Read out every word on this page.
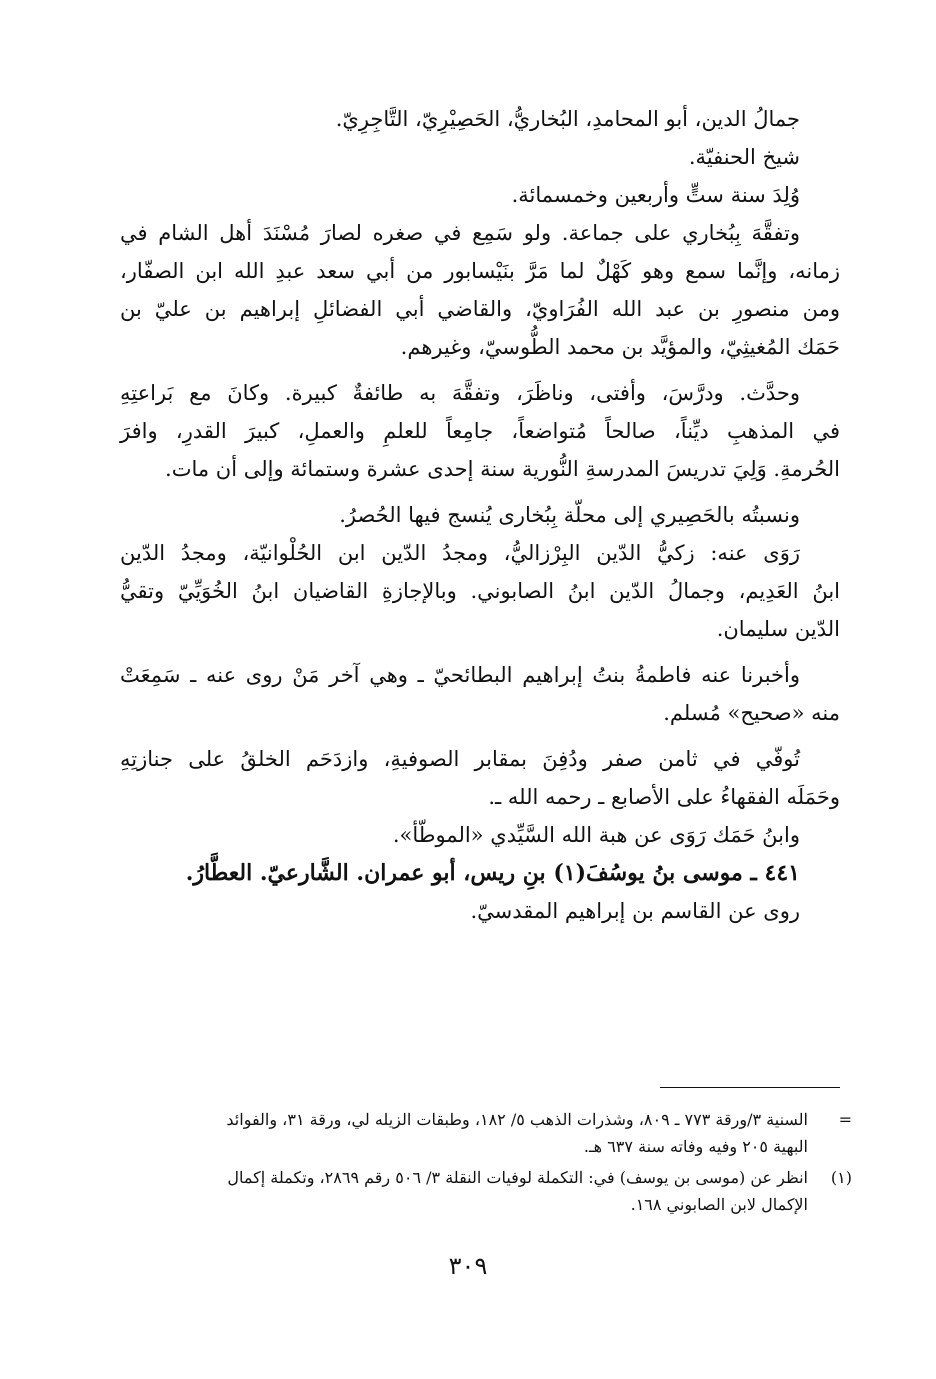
جمالُ الدين، أبو المحامدِ، البُخاريُّ، الحَصِيْرِيّ، التَّاجِرِيّ.
شيخ الحنفيّة.
وُلِدَ سنة ستٍّ وأربعين وخمسمائة.
وتفقَّهَ بِبُخاري على جماعة. ولو سَمِع في صغره لصارَ مُسْنَدَ أهل الشام في
زمانه، وإنَّما سمع وهو كَهْلٌ لما مَرَّ بنَيْسابور من أبي سعد عبدِ الله ابن الصفّار،
ومن منصورِ بن عبد الله الفُرَاويّ، والقاضي أبي الفضائلِ إبراهيم بن عليّ بن
حَمَك المُغيثِيّ، والمؤيَّد بن محمد الطُّوسيّ، وغيرهم.
وحدَّث. ودرَّسَ، وأفتى، وناظَرَ، وتفقَّهَ به طائفةٌ كبيرة. وكانَ مع بَراعتِهِ
في المذهبِ ديِّناً، صالحاً مُتواضعاً، جامِعاً للعلمِ والعملِ، كبيرَ القدرِ، وافرَ
الحُرمةِ. وَلِيَ تدريسَ المدرسةِ النُّورية سنة إحدى عشرة وستمائة وإلى أن مات.
ونسبتُه بالحَصِيري إلى محلّة بِبُخارى يُنسج فيها الحُصرُ.
رَوَى عنه: زكيُّ الدّين البِرْزاليُّ، ومجدُ الدّين ابن الحُلْوانيّة، ومجدُ الدّين
ابنُ العَدِيم، وجمالُ الدّين ابنُ الصابوني. وبالإجازةِ القاضيان ابنُ الخُوَيِّيّ وتقيُّ
الدّين سليمان.
وأخبرنا عنه فاطمةُ بنتُ إبراهيم البطائحيّ ـ وهي آخر مَنْ روى عنه ـ سَمِعَتْ
منه «صحيح» مُسلم.
تُوفّي في ثامن صفر ودُفِنَ بمقابر الصوفيةِ، وازدَحَم الخلقُ على جنازتِهِ
وحَمَلَه الفقهاءُ على الأصابع ـ رحمه الله ـ.
وابنُ حَمَك رَوَى عن هبة الله السَّيِّدي «الموطّأ».
٤٤١ ـ موسى بنُ يوسُفَ(١) بنِ ريس، أبو عمران. الشَّارعيّ. العطَّارُ.
روى عن القاسم بن إبراهيم المقدسيّ.
=
السنية ٣/ورقة ٧٧٣ ـ ٨٠٩، وشذرات الذهب ٥/ ١٨٢، وطبقات الزيله لي، ورقة ٣١، والفوائد
البهية ٢٠٥ وفيه وفاته سنة ٦٣٧ هـ.
(١)
انظر عن (موسى بن يوسف) في: التكملة لوفيات النقلة ٣/ ٥٠٦ رقم ٢٨٦٩، وتكملة إكمال
الإكمال لابن الصابوني ١٦٨.
٣٠٩
